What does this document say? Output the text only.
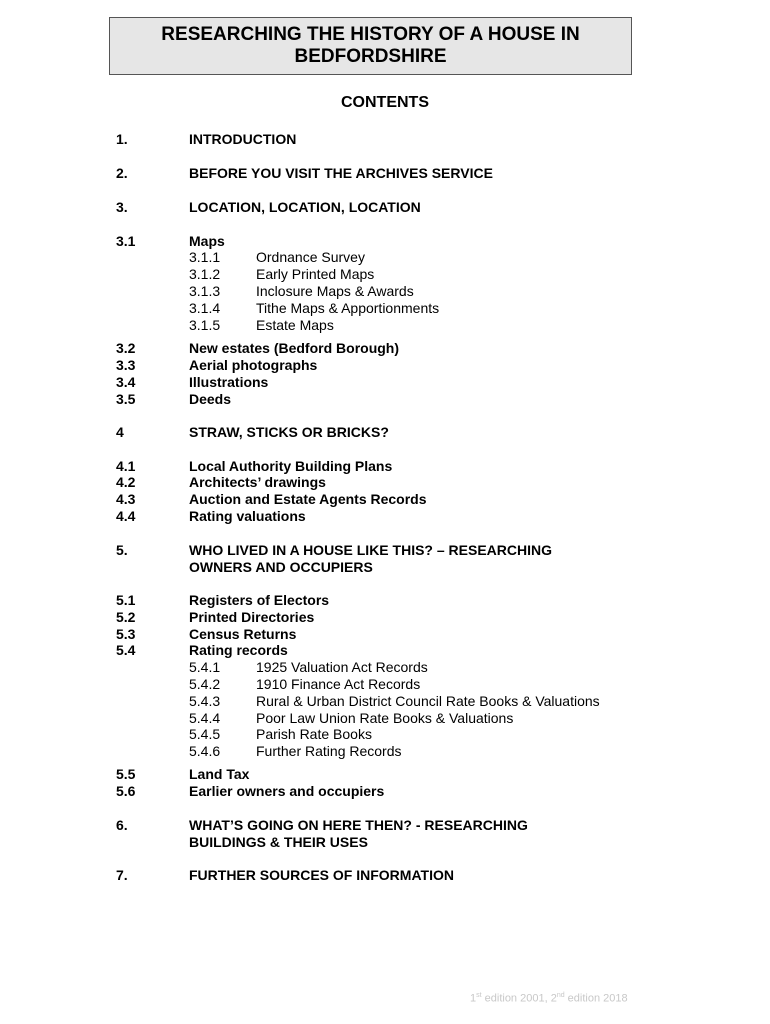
RESEARCHING THE HISTORY OF A HOUSE IN BEDFORDSHIRE
CONTENTS
1.	INTRODUCTION
2.	BEFORE YOU VISIT THE ARCHIVES SERVICE
3.	LOCATION, LOCATION, LOCATION
3.1	Maps
3.1.1	Ordnance Survey
3.1.2	Early Printed Maps
3.1.3	Inclosure Maps & Awards
3.1.4	Tithe Maps & Apportionments
3.1.5	Estate Maps
3.2	New estates (Bedford Borough)
3.3	Aerial photographs
3.4	Illustrations
3.5	Deeds
4	STRAW, STICKS OR BRICKS?
4.1	Local Authority Building Plans
4.2	Architects’ drawings
4.3	Auction and Estate Agents Records
4.4	Rating valuations
5.	WHO LIVED IN A HOUSE LIKE THIS? – RESEARCHING OWNERS AND OCCUPIERS
5.1	Registers of Electors
5.2	Printed Directories
5.3	Census Returns
5.4	Rating records
5.4.1	1925 Valuation Act Records
5.4.2	1910 Finance Act Records
5.4.3	Rural & Urban District Council Rate Books & Valuations
5.4.4	Poor Law Union Rate Books & Valuations
5.4.5	Parish Rate Books
5.4.6	Further Rating Records
5.5	Land Tax
5.6	Earlier owners and occupiers
6.	WHAT’S GOING ON HERE THEN? - RESEARCHING BUILDINGS & THEIR USES
7.	FURTHER SOURCES OF INFORMATION
1st edition 2001, 2nd edition 2018
